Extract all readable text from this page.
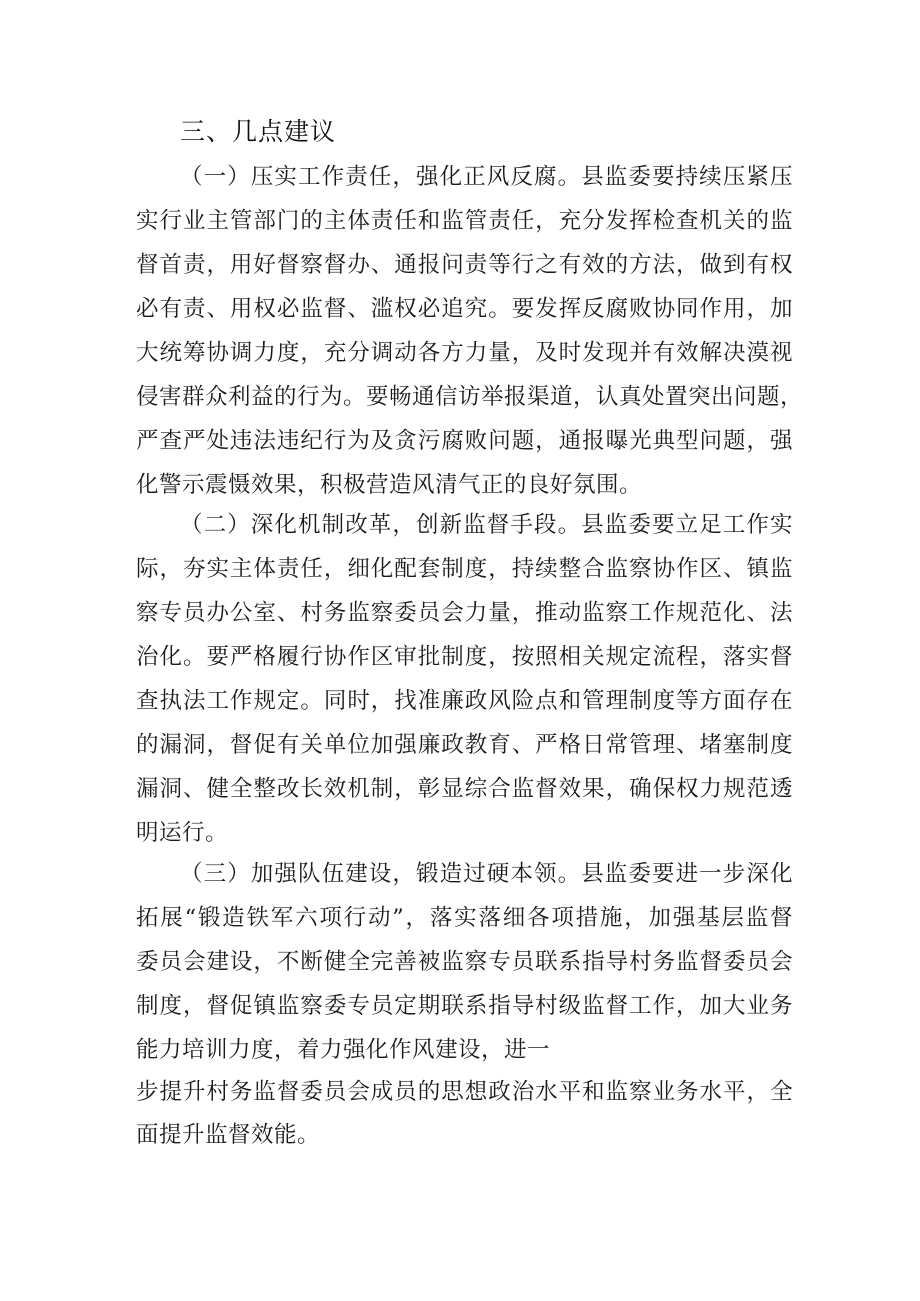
三、几点建议

（一）压实工作责任，强化正风反腐。县监委要持续压紧压

实行业主管部门的主体责任和监管责任，充分发挥检查机关的监

督首责，用好督察督办、通报问责等行之有效的方法，做到有权

必有责、用权必监督、滥权必追究。要发挥反腐败协同作用，加

大统筹协调力度，充分调动各方力量，及时发现并有效解决漠视

侵害群众利益的行为。要畅通信访举报渠道，认真处置突出问题，

严查严处违法违纪行为及贪污腐败问题，通报曝光典型问题，强

化警示震慑效果，积极营造风清气正的良好氛围。

（二）深化机制改革，创新监督手段。县监委要立足工作实

际，夯实主体责任，细化配套制度，持续整合监察协作区、镇监

察专员办公室、村务监察委员会力量，推动监察工作规范化、法

治化。要严格履行协作区审批制度，按照相关规定流程，落实督

查执法工作规定。同时，找准廉政风险点和管理制度等方面存在

的漏洞，督促有关单位加强廉政教育、严格日常管理、堵塞制度

漏洞、健全整改长效机制，彰显综合监督效果，确保权力规范透

明运行。

（三）加强队伍建设，锻造过硬本领。县监委要进一步深化

拓展“锻造铁军六项行动”，落实落细各项措施，加强基层监督

委员会建设，不断健全完善被监察专员联系指导村务监督委员会

制度，督促镇监察委专员定期联系指导村级监督工作，加大业务

能力培训力度，着力强化作风建设，进一

步提升村务监督委员会成员的思想政治水平和监察业务水平，全

面提升监督效能。
